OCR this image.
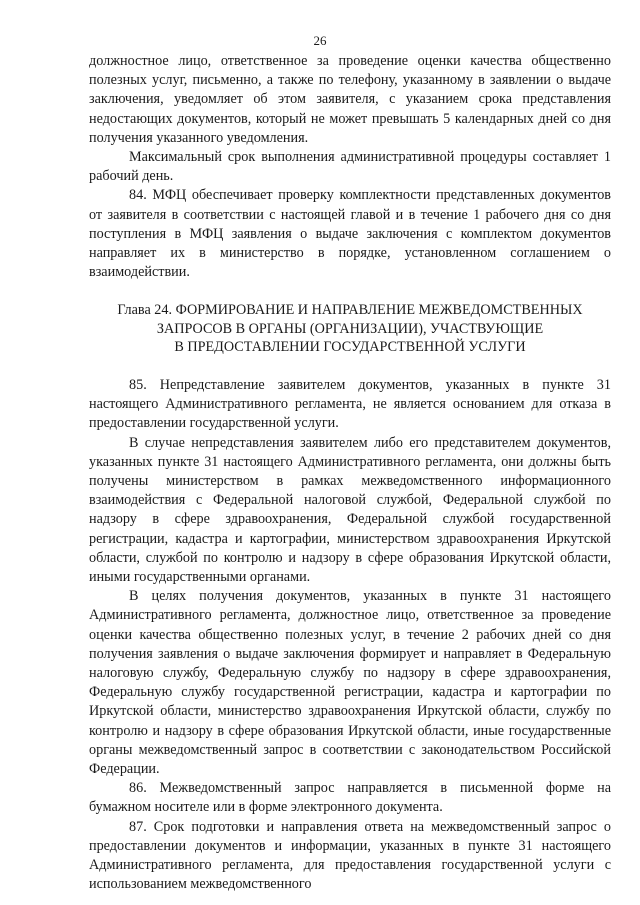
26

должностное лицо, ответственное за проведение оценки качества общественно полезных услуг, письменно, а также по телефону, указанному в заявлении о выдаче заключения, уведомляет об этом заявителя, с указанием срока представления недостающих документов, который не может превышать 5 календарных дней со дня получения указанного уведомления.

Максимальный срок выполнения административной процедуры составляет 1 рабочий день.

84. МФЦ обеспечивает проверку комплектности представленных документов от заявителя в соответствии с настоящей главой и в течение 1 рабочего дня со дня поступления в МФЦ заявления о выдаче заключения с комплектом документов направляет их в министерство в порядке, установленном соглашением о взаимодействии.

Глава 24. ФОРМИРОВАНИЕ И НАПРАВЛЕНИЕ МЕЖВЕДОМСТВЕННЫХ

ЗАПРОСОВ В ОРГАНЫ (ОРГАНИЗАЦИИ), УЧАСТВУЮЩИЕ

В ПРЕДОСТАВЛЕНИИ ГОСУДАРСТВЕННОЙ УСЛУГИ

85. Непредставление заявителем документов, указанных в пункте 31 настоящего Административного регламента, не является основанием для отказа в предоставлении государственной услуги.

В случае непредставления заявителем либо его представителем документов, указанных пункте 31 настоящего Административного регламента, они должны быть получены министерством в рамках межведомственного информационного взаимодействия с Федеральной налоговой службой, Федеральной службой по надзору в сфере здравоохранения, Федеральной службой государственной регистрации, кадастра и картографии, министерством здравоохранения Иркутской области, службой по контролю и надзору в сфере образования Иркутской области, иными государственными органами.

В целях получения документов, указанных в пункте 31 настоящего Административного регламента, должностное лицо, ответственное за проведение оценки качества общественно полезных услуг, в течение 2 рабочих дней со дня получения заявления о выдаче заключения формирует и направляет в Федеральную налоговую службу, Федеральную службу по надзору в сфере здравоохранения, Федеральную службу государственной регистрации, кадастра и картографии по Иркутской области, министерство здравоохранения Иркутской области, службу по контролю и надзору в сфере образования Иркутской области, иные государственные органы межведомственный запрос в соответствии с законодательством Российской Федерации.

86. Межведомственный запрос направляется в письменной форме на бумажном носителе или в форме электронного документа.

87. Срок подготовки и направления ответа на межведомственный запрос о предоставлении документов и информации, указанных в пункте 31 настоящего Административного регламента, для предоставления государственной услуги с использованием межведомственного
